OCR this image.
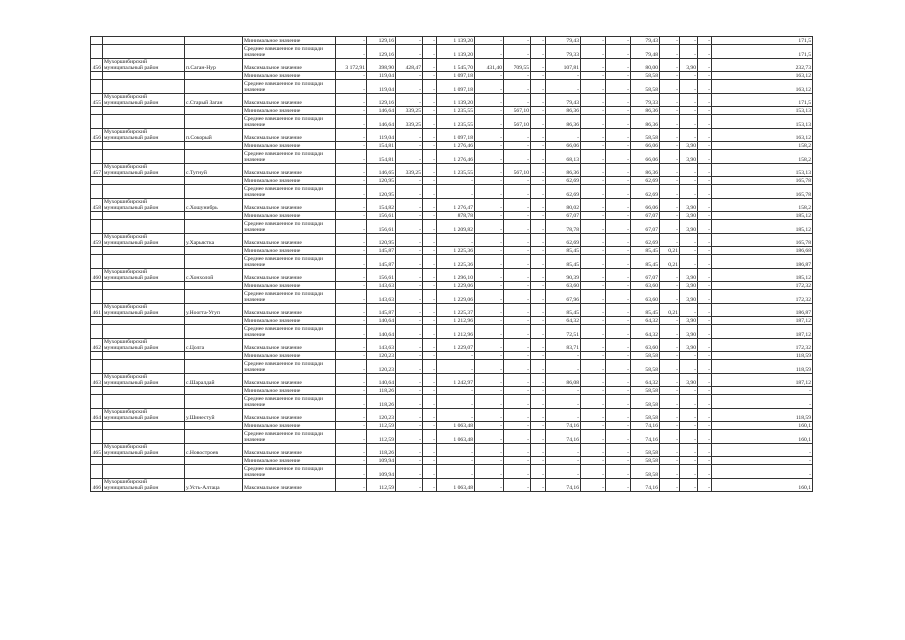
			Минимальное значение	-	129,16	-	-	1 139,20	-	-	-	79,43	-	-	79,43	-	-	-	171,5
			Среднее взвешенное по площади значение	-	129,16	-	-	1 139,20	-	-	-	79,33	-	-	79,48	-	-	-	171,5
456	Мухоршибирский муниципальный район	п.Саган-Нур	Максимальное значение	3 172,91	398,90	428,47	-	1 545,70	431,40	709,55	-	107,81	-	-	80,00	-	3,90	-	232,73
			Минимальное значение	-	119,04	-	-	1 097,18	-	-	-	-	-	-	58,58	-	-	-	163,12
			Среднее взвешенное по площади значение	-	119,04	-	-	1 097,18	-	-	-	-	-	-	58,58	-	-	-	163,12
455	Мухоршибирский муниципальный район	с.Старый Заган	Максимальное значение	-	129,16	-	-	1 139,20	-	-	-	79,43	-	-	79,33	-	-	-	171,5
			Минимальное значение	-	146,64	339,25	-	1 235,55	-	567,10	-	86,36	-	-	86,36	-	-	-	153,13
			Среднее взвешенное по площади значение	-	146,64	339,25	-	1 235,55	-	567,10	-	86,36	-	-	86,36	-	-	-	153,13
456	Мухоршибирский муниципальный район	п.Сокорый	Максимальное значение	-	119,04	-	-	1 097,18	-	-	-	-	-	-	58,58	-	-	-	163,12
			Минимальное значение	-	154,81	-	-	1 276,46	-	-	-	66,06	-	-	66,06	-	3,90	-	158,2
			Среднее взвешенное по площади значение	-	154,81	-	-	1 276,46	-	-	-	68,13	-	-	66,06	-	3,90	-	158,2
457	Мухоршибирский муниципальный район	с.Тугнуй	Максимальное значение	-	146,65	339,25	-	1 235,55	-	567,10	-	86,36	-	-	86,36	-	-	-	153,13
			Минимальное значение	-	120,95	-	-	-	-	-	-	62,69	-	-	62,69	-	-	-	165,78
			Среднее взвешенное по площади значение	-	120,95	-	-	-	-	-	-	62,69	-	-	62,69	-	-	-	165,78
458	Мухоршибирский муниципальный район	с.Хошунибрь	Максимальное значение	-	154,82	-	-	1 276,47	-	-	-	80,02	-	-	66,06	-	3,90	-	158,2
			Минимальное значение	-	156,61	-	-	878,78	-	-	-	67,07	-	-	67,07	-	3,90	-	185,12
			Среднее взвешенное по площади значение	-	156,61	-	-	1 209,82	-	-	-	78,78	-	-	67,07	-	3,90	-	185,12
459	Мухоршибирский муниципальный район	у.Харьястка	Максимальное значение	-	120,95	-	-	-	-	-	-	62,69	-	-	62,69	-	-	-	165,78
			Минимальное значение	-	145,87	-	-	1 225,36	-	-	-	85,45	-	-	85,45	0,21	-	-	186,68
			Среднее взвешенное по площади значение	-	145,87	-	-	1 225,36	-	-	-	85,45	-	-	85,45	0,21	-	-	186,87
460	Мухоршибирский муниципальный район	с.Хонхолой	Максимальное значение	-	156,61	-	-	1 296,10	-	-	-	90,39	-	-	67,07	-	3,90	-	185,12
			Минимальное значение	-	143,63	-	-	1 229,06	-	-	-	63,60	-	-	63,60	-	3,90	-	172,32
			Среднее взвешенное по площади значение	-	143,63	-	-	1 229,06	-	-	-	67,96	-	-	63,60	-	3,90	-	172,32
461	Мухоршибирский муниципальный район	у.Ноогта-Угуп	Максимальное значение	-	145,87	-	-	1 225,37	-	-	-	85,45	-	-	85,45	0,21	-	-	186,87
			Минимальное значение	-	140,64	-	-	1 212,96	-	-	-	64,32	-	-	64,32	-	3,90	-	187,12
			Среднее взвешенное по площади значение	-	140,64	-	-	1 212,96	-	-	-	72,51	-	-	64,32	-	3,90	-	187,12
462	Мухоршибирский муниципальный район	с.Цолга	Максимальное значение	-	143,63	-	-	1 229,07	-	-	-	83,71	-	-	63,60	-	3,90	-	172,32
			Минимальное значение	-	120,23	-	-	-	-	-	-	-	-	-	58,58	-	-	-	118,59
			Среднее взвешенное по площади значение	-	120,23	-	-	-	-	-	-	-	-	-	58,58	-	-	-	118,59
463	Мухоршибирский муниципальный район	с.Шаралдай	Максимальное значение	-	140,64	-	-	1 242,97	-	-	-	86,08	-	-	64,32	-	3,90	-	187,12
			Минимальное значение	-	118,26	-	-	-	-	-	-	-	-	-	58,58	-	-	-	-
			Среднее взвешенное по площади значение	-	118,26	-	-	-	-	-	-	-	-	-	58,58	-	-	-	-
464	Мухоршибирский муниципальный район	у.Шинестуй	Максимальное значение	-	120,23	-	-	-	-	-	-	-	-	-	58,58	-	-	-	118,59
			Минимальное значение	-	112,59	-	-	1 063,48	-	-	-	74,16	-	-	74,16	-	-	-	160,1
			Среднее взвешенное по площади значение	-	112,59	-	-	1 063,48	-	-	-	74,16	-	-	74,16	-	-	-	160,1
465	Мухоршибирский муниципальный район	с.Новостроев	Максимальное значение	-	118,26	-	-	-	-	-	-	-	-	-	58,58	-	-	-	-
			Минимальное значение	-	109,94	-	-	-	-	-	-	-	-	-	58,58	-	-	-	-
			Среднее взвешенное по площади значение	-	109,94	-	-	-	-	-	-	-	-	-	58,58	-	-	-	-
466	Мухоршибирский муниципальный район	у.Усть-Алтаца	Максимальное значение	-	112,59	-	-	1 063,48	-	-	-	74,16	-	-	74,16	-	-	-	160,1
